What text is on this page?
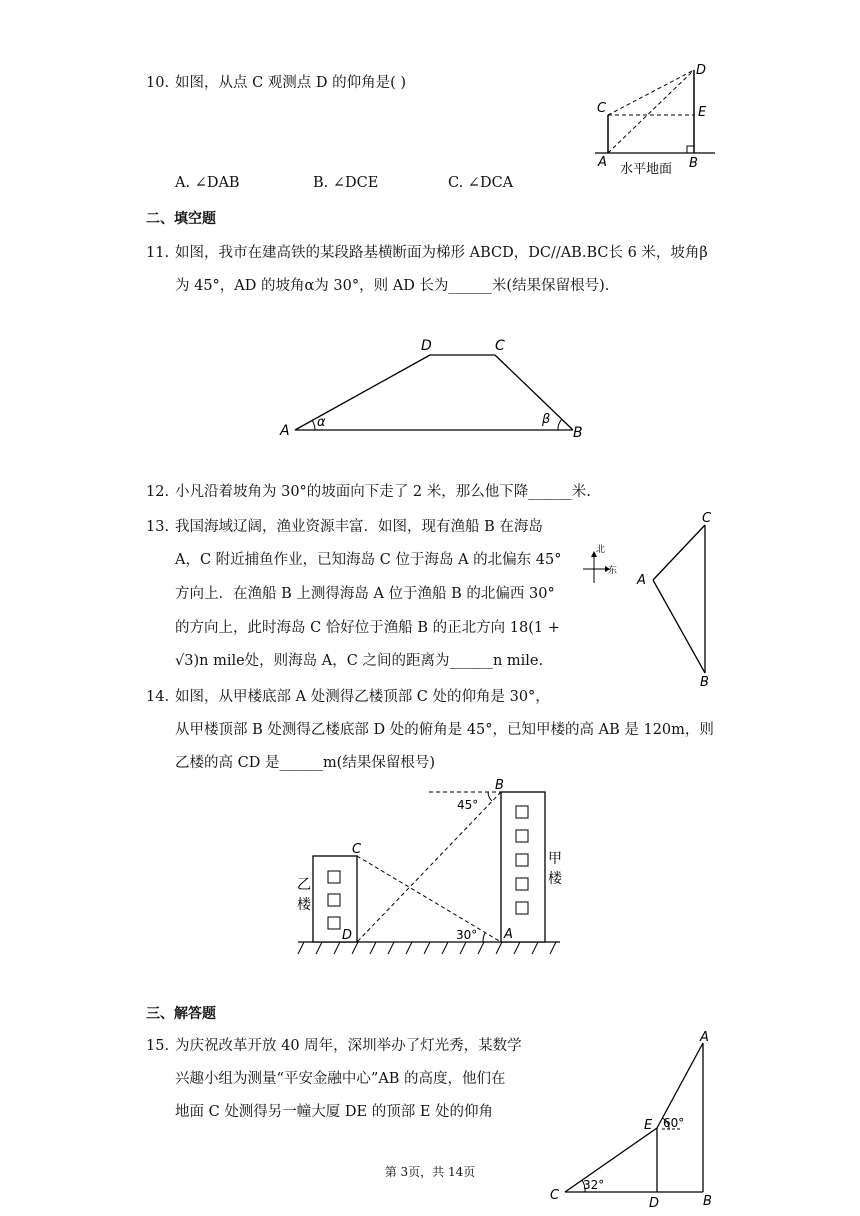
10. 如图，从点 C 观测点 D 的仰角是( )
A. ∠DAB	B. ∠DCE	C. ∠DCA
C
D
E
A	B
水平地面
二、填空题
11. 如图，我市在建高铁的某段路基横断面为梯形 ABCD，DC//AB.BC长 6 米，坡角β
为 45°，AD 的坡角α为 30°，则 AD 长为______米(结果保留根号).
A	B
D	C
α	β
12. 小凡沿着坡角为 30°的坡面向下走了 2 米，那么他下降______米.
13. 我国海域辽阔，渔业资源丰富．如图，现有渔船 B 在海岛
A，C 附近捕鱼作业，已知海岛 C 位于海岛 A 的北偏东 45°
方向上．在渔船 B 上测得海岛 A 位于渔船 B 的北偏西 30°
的方向上，此时海岛 C 恰好位于渔船 B 的正北方向 18(1 +
√3)n mile处，则海岛 A，C 之间的距离为______n mile.
北
东
A
C
B
14. 如图，从甲楼底部 A 处测得乙楼顶部 C 处的仰角是 30°，
从甲楼顶部 B 处测得乙楼底部 D 处的俯角是 45°，已知甲楼的高 AB 是 120m，则
乙楼的高 CD 是______m(结果保留根号)
45°
30°
B
A
C
D
甲
楼
乙
楼
三、解答题
15. 为庆祝改革开放 40 周年，深圳举办了灯光秀，某数学
兴趣小组为测量“平安金融中心”AB 的高度，他们在
地面 C 处测得另一幢大厦 DE 的顶部 E 处的仰角
A
B
C
D
E 60°
32°
第 3页，共 14页
